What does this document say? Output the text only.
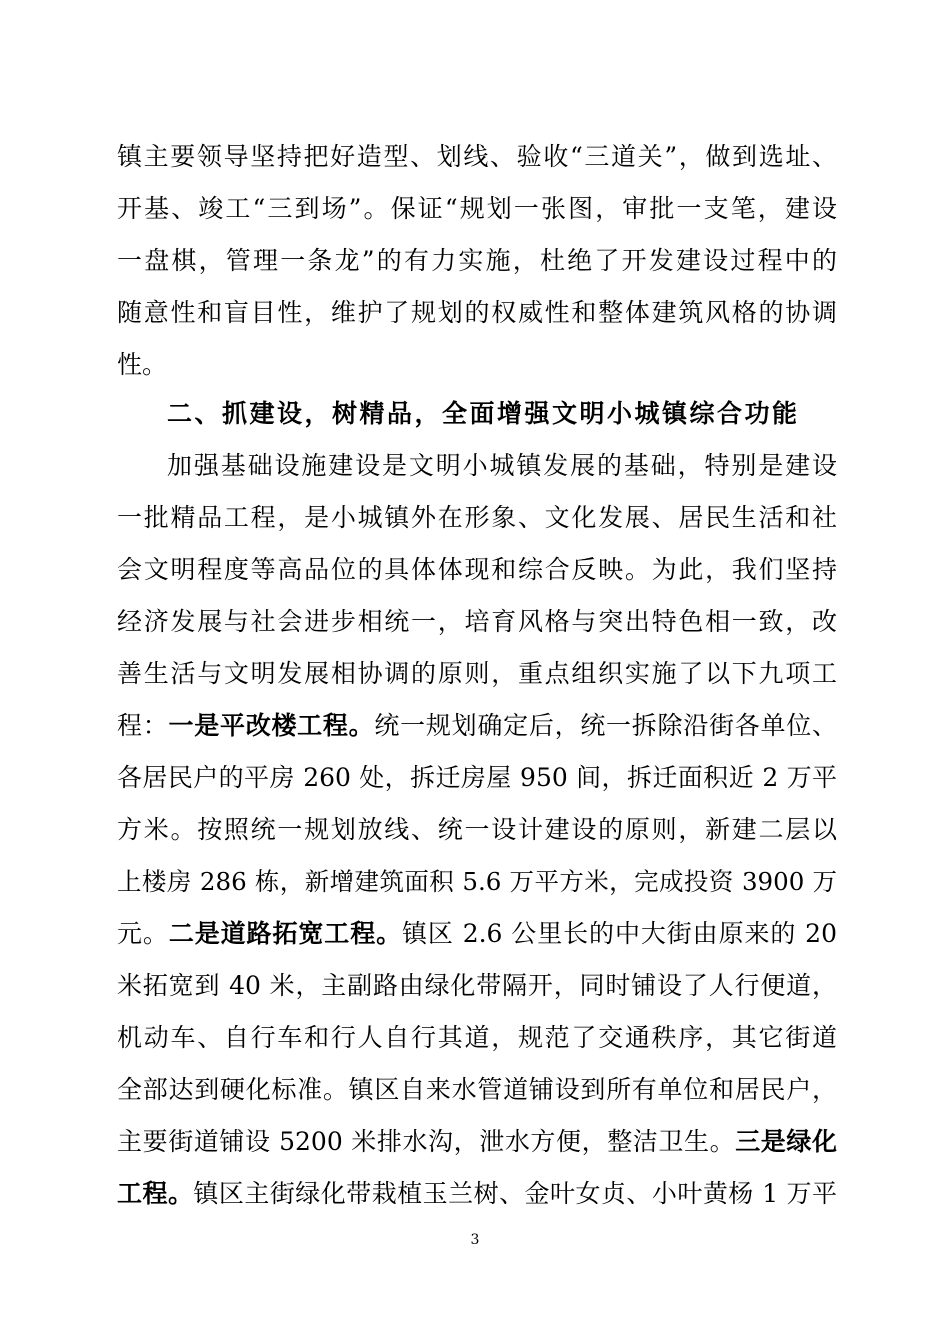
镇主要领导坚持把好造型、划线、验收“三道关”，做到选址、
开基、竣工“三到场”。保证“规划一张图，审批一支笔，建设
一盘棋，管理一条龙”的有力实施，杜绝了开发建设过程中的
随意性和盲目性，维护了规划的权威性和整体建筑风格的协调
性。
二、抓建设，树精品，全面增强文明小城镇综合功能
加强基础设施建设是文明小城镇发展的基础，特别是建设
一批精品工程，是小城镇外在形象、文化发展、居民生活和社
会文明程度等高品位的具体体现和综合反映。为此，我们坚持
经济发展与社会进步相统一，培育风格与突出特色相一致，改
善生活与文明发展相协调的原则，重点组织实施了以下九项工
程：一是平改楼工程。统一规划确定后，统一拆除沿街各单位、
各居民户的平房 260 处，拆迁房屋 950 间，拆迁面积近 2 万平
方米。按照统一规划放线、统一设计建设的原则，新建二层以
上楼房 286 栋，新增建筑面积 5.6 万平方米，完成投资 3900 万
元。二是道路拓宽工程。镇区 2.6 公里长的中大街由原来的 20
米拓宽到 40 米，主副路由绿化带隔开，同时铺设了人行便道，
机动车、自行车和行人自行其道，规范了交通秩序，其它街道
全部达到硬化标准。镇区自来水管道铺设到所有单位和居民户，
主要街道铺设 5200 米排水沟，泄水方便，整洁卫生。三是绿化
工程。镇区主街绿化带栽植玉兰树、金叶女贞、小叶黄杨 1 万平
3
